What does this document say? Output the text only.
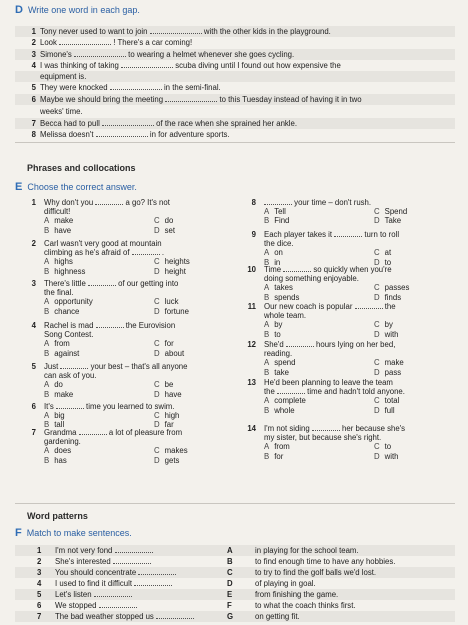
D Write one word in each gap.
1 Tony never used to want to join	with the other kids in the playground.
2 Look	! There's a car coming!
3 Simone's	to wearing a helmet whenever she goes cycling.
4 I was thinking of taking	scuba diving until I found out how expensive the
equipment is.
5 They were knocked	in the semi-final.
6 Maybe we should bring the meeting	to this Tuesday instead of having it in two
weeks' time.
7 Becca had to pull	of the race when she sprained her ankle.
8 Melissa doesn't	in for adventure sports.
Phrases and collocations
E Choose the correct answer.
1 Why don't you	a go? It's not
difficult!
A make	C do
B have	D set
2 Carl wasn't very good at mountain
climbing as he's afraid of	.
A highs	C heights
B highness	D height
3 There's little	of our getting into
the final.
A opportunity	C luck
B chance	D fortune
4 Rachel is mad	the Eurovision
Song Contest.
A from	C for
B against	D about
5 Just	your best – that's all anyone
can ask of you.
A do	C be
B make	D have
6 It's	time you learned to swim.
A big	C high
B tall	D far
7 Grandma	a lot of pleasure from
gardening.
A does	C makes
B has	D gets
8	your time – don't rush.
A Tell	C Spend
B Find	D Take
9 Each player takes it	turn to roll
the dice.
A on	C at
B in	D to
10 Time	so quickly when you're
doing something enjoyable.
A takes	C passes
B spends	D finds
11 Our new coach is popular	the
whole team.
A by	C by
B to	D with
12 She'd	hours lying on her bed,
reading.
A spend	C make
B take	D pass
13 He'd been planning to leave the team
the	time and hadn't told anyone.
A complete	C total
B whole	D full
14 I'm not siding	her because she's
my sister, but because she's right.
A from	C to
B for	D with
Word patterns
F Match to make sentences.
1 I'm not very fond	A	in playing for the school team.
2 She's interested	B	to find enough time to have any hobbies.
3 You should concentrate	C	to try to find the golf balls we'd lost.
4 I used to find it difficult	D	of playing in goal.
5 Let's listen	E	from finishing the game.
6 We stopped	F	to what the coach thinks first.
7 The bad weather stopped us	G	on getting fit.
